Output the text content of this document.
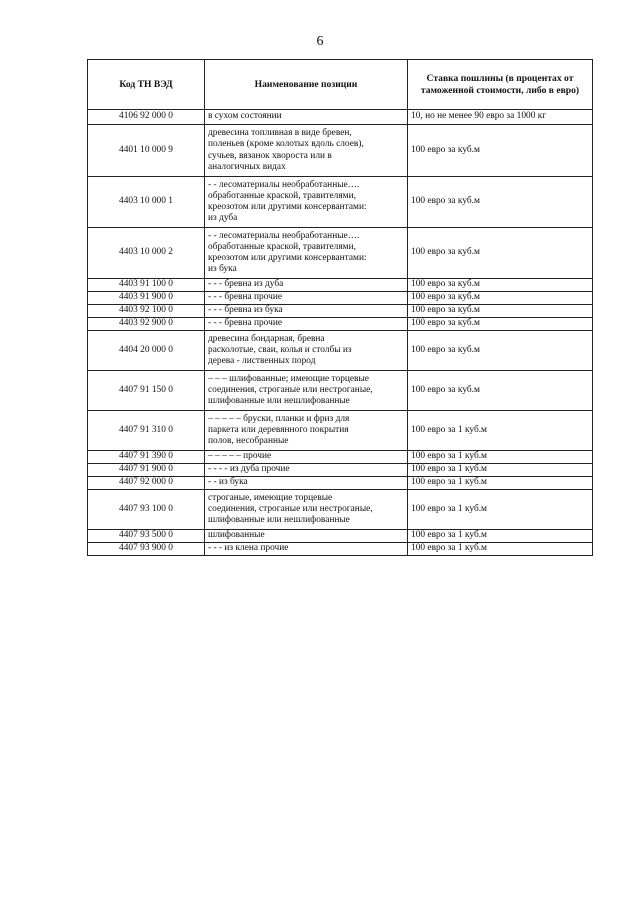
6
Код ТН ВЭД	Наименование позиции	Ставка пошлины (в процентах от таможенной стоимости, либо в евро)
4106 92 000 0	в сухом состоянии	10, но не менее 90 евро за 1000 кг
4401 10 000 9	древесина топливная в виде бревен,
поленьев (кроме колотых вдоль слоев),
сучьев, вязанок хвороста или в
аналогичных видах	100 евро за куб.м
4403 10 000 1	- - лесоматериалы необработанные….
обработанные краской, травителями,
креозотом или другими консервантами:
из дуба	100 евро за куб.м
4403 10 000 2	- - лесоматериалы необработанные….
обработанные краской, травителями,
креозотом или другими консервантами:
из бука	100 евро за куб.м
4403 91 100 0	- - - бревна из дуба	100 евро за куб.м
4403 91 900 0	- - - бревна прочие	100 евро за куб.м
4403 92 100 0	- - - бревна из бука	100 евро за куб.м
4403 92 900 0	- - - бревна прочие	100 евро за куб.м
4404 20 000 0	древесина бондарная, бревна
расколотые, сваи, колья и столбы из
дерева - лиственных пород	100 евро за куб.м
4407 91 150 0	– – – шлифованные; имеющие торцевые
соединения, строганые или нестроганые,
шлифованные или нешлифованные	100 евро за куб.м
4407 91 310 0	– – – – – бруски, планки и фриз для
паркета или деревянного покрытия
полов, несобранные	100 евро за 1 куб.м
4407 91 390 0	– – – – – прочие	100 евро за 1 куб.м
4407 91 900 0	- - - - из дуба прочие	100 евро за 1 куб.м
4407 92 000 0	- - из бука	100 евро за 1 куб.м
4407 93 100 0	строганые, имеющие торцевые
соединения, строганые или нестроганые,
шлифованные или нешлифованные	100 евро за 1 куб.м
4407 93 500 0	шлифованные	100 евро за 1 куб.м
4407 93 900 0	- - - из клена прочие	100 евро за 1 куб.м
